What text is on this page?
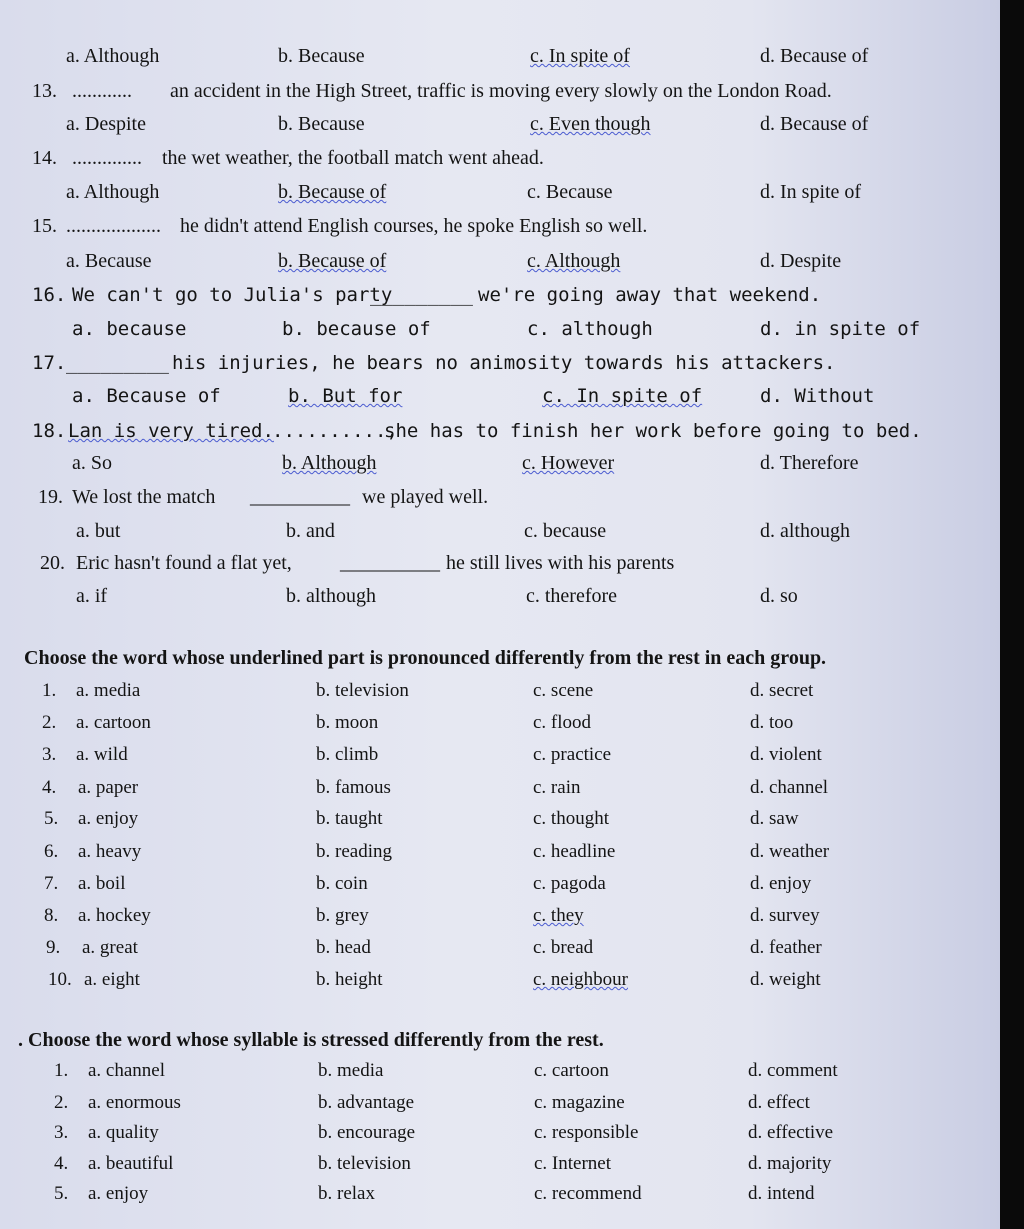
a. Although	b. Because	c. In spite of	d. Because of
13. ............ an accident in the High Street, traffic is moving every slowly on the London Road.
a. Despite	b. Because	c. Even though	d. Because of
14. .............. the wet weather, the football match went ahead.
a. Although	b. Because of	c. Because	d. In spite of
15. ................... he didn't attend English courses, he spoke English so well.
a. Because	b. Because of	c. Although	d. Despite
16. We can't go to Julia's party
_________ we're going away that weekend.
a. because	b. because of	c. although	d. in spite of
17. _________ his injuries, he bears no animosity towards his attackers.
a. Because of	b. But for	c. In spite of	d. Without
18. Lan is very tired.
..........,
she has to finish her work before going to bed.
a. So	b. Although	c. However	d. Therefore
19. We lost the match __________ we played well.
a. but	b. and	c. because	d. although
20. Eric hasn't found a flat yet, __________ he still lives with his parents
a. if	b. although	c. therefore	d. so
Choose the word whose underlined part is pronounced differently from the rest in each group.
1. a. media	b. television	c. scene	d. secret
2. a. cartoon	b. moon	c. flood	d. too
3. a. wild	b. climb	c. practice	d. violent
4. a. paper	b. famous	c. rain	d. channel
5. a. enjoy	b. taught	c. thought	d. saw
6. a. heavy	b. reading	c. headline	d. weather
7. a. boil	b. coin	c. pagoda	d. enjoy
8. a. hockey	b. grey	c. they	d. survey
9. a. great	b. head	c. bread	d. feather
10. a. eight	b. height	c. neighbour	d. weight
. Choose the word whose syllable is stressed differently from the rest.
1. a. channel	b. media	c. cartoon	d. comment
2. a. enormous	b. advantage	c. magazine	d. effect
3. a. quality	b. encourage	c. responsible	d. effective
4. a. beautiful	b. television	c. Internet	d. majority
5. a. enjoy	b. relax	c. recommend	d. intend
